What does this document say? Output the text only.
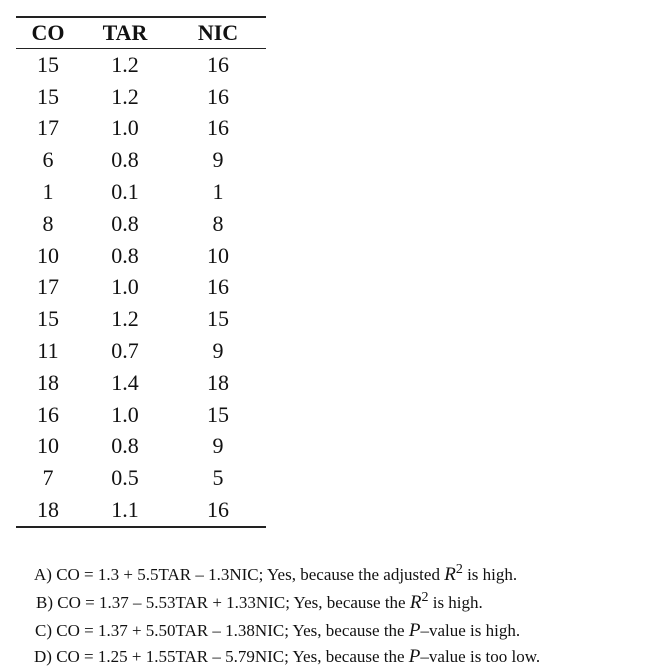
CO	TAR	NIC
15	1.2	16
15	1.2	16
17	1.0	16
6	0.8	9
1	0.1	1
8	0.8	8
10	0.8	10
17	1.0	16
15	1.2	15
11	0.7	9
18	1.4	18
16	1.0	15
10	0.8	9
7	0.5	5
18	1.1	16
A) CO = 1.3 + 5.5TAR – 1.3NIC; Yes, because the adjusted $R^2$ is high.
B) CO = 1.37 – 5.53TAR + 1.33NIC; Yes, because the $R^2$ is high.
C) CO = 1.37 + 5.50TAR – 1.38NIC; Yes, because the P–value is high.
D) CO = 1.25 + 1.55TAR – 5.79NIC; Yes, because the P–value is too low.
